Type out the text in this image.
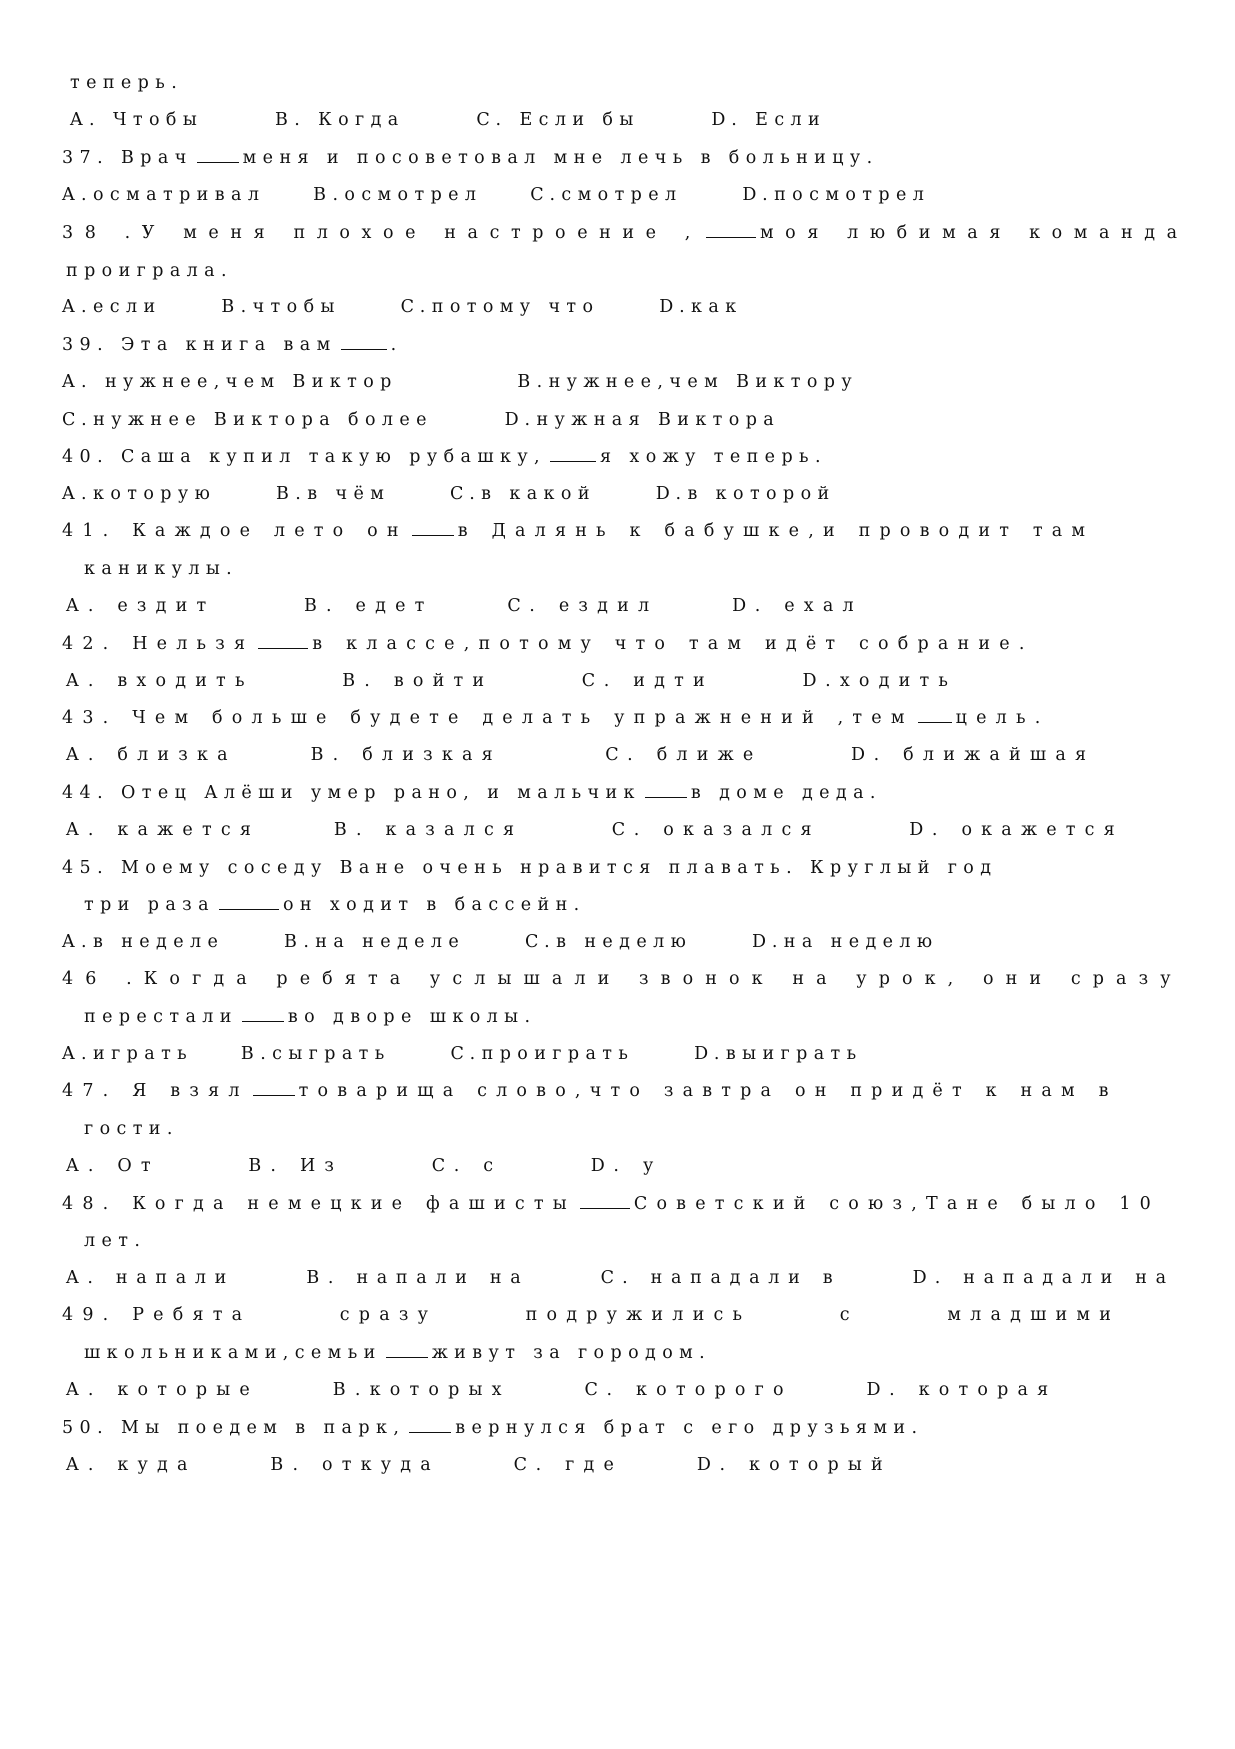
теперь.
A. Чтобы      B. Когда      C. Если бы      D. Если
37. Врач	меня и посоветовал мне лечь в больницу.
A.осматривал    B.осмотрел    C.смотрел     D.посмотрел
38 .У меня плохое настроение ,	моя любимая команда
проиграла.
A.если     B.чтобы     C.потому что     D.как
39. Эта книга вам	.
A. нужнее,чем Виктор          B.нужнее,чем Виктору
C.нужнее Виктора более      D.нужная Виктора
40. Саша купил такую рубашку,	я хожу теперь.
A.которую     B.в чём     C.в какой     D.в которой
41. Каждое лето он	в Далянь к бабушке,и проводит там
каникулы.
A. ездит      B. едет     C. ездил     D. ехал
42. Нельзя	в классе,потому что там идёт собрание.
A. входить      B. войти      C. идти      D.ходить
43. Чем больше будете делать упражнений ,тем цель.
A. близка     B. близкая       C. ближе      D. ближайшая
44. Отец Алёши умер рано, и мальчик	в доме деда.
A. кажется     B. казался      C. оказался      D. окажется
45. Моему соседу Ване очень нравится плавать. Круглый год
три раза	он ходит в бассейн.
A.в неделе     B.на неделе     C.в неделю     D.на неделю
46 .Когда ребята услышали звонок на урок, они сразу
перестали	во дворе школы.
A.играть    B.сыграть     C.проиграть     D.выиграть
47. Я взял	товарища слово,что завтра он придёт к нам в
гости.
A. От      B. Из      C. с      D. у
48. Когда немецкие фашисты	Советский союз,Тане было 10
лет.
A. напали     B. напали на     C. нападали в     D. нападали на
49. Ребята      сразу      подружились      с      младшими
школьниками,семьи	живут за городом.
A. которые     B.которых     C. которого     D. которая
50. Мы поедем в парк,	вернулся брат с его друзьями.
A. куда     B. откуда     C. где     D. который
